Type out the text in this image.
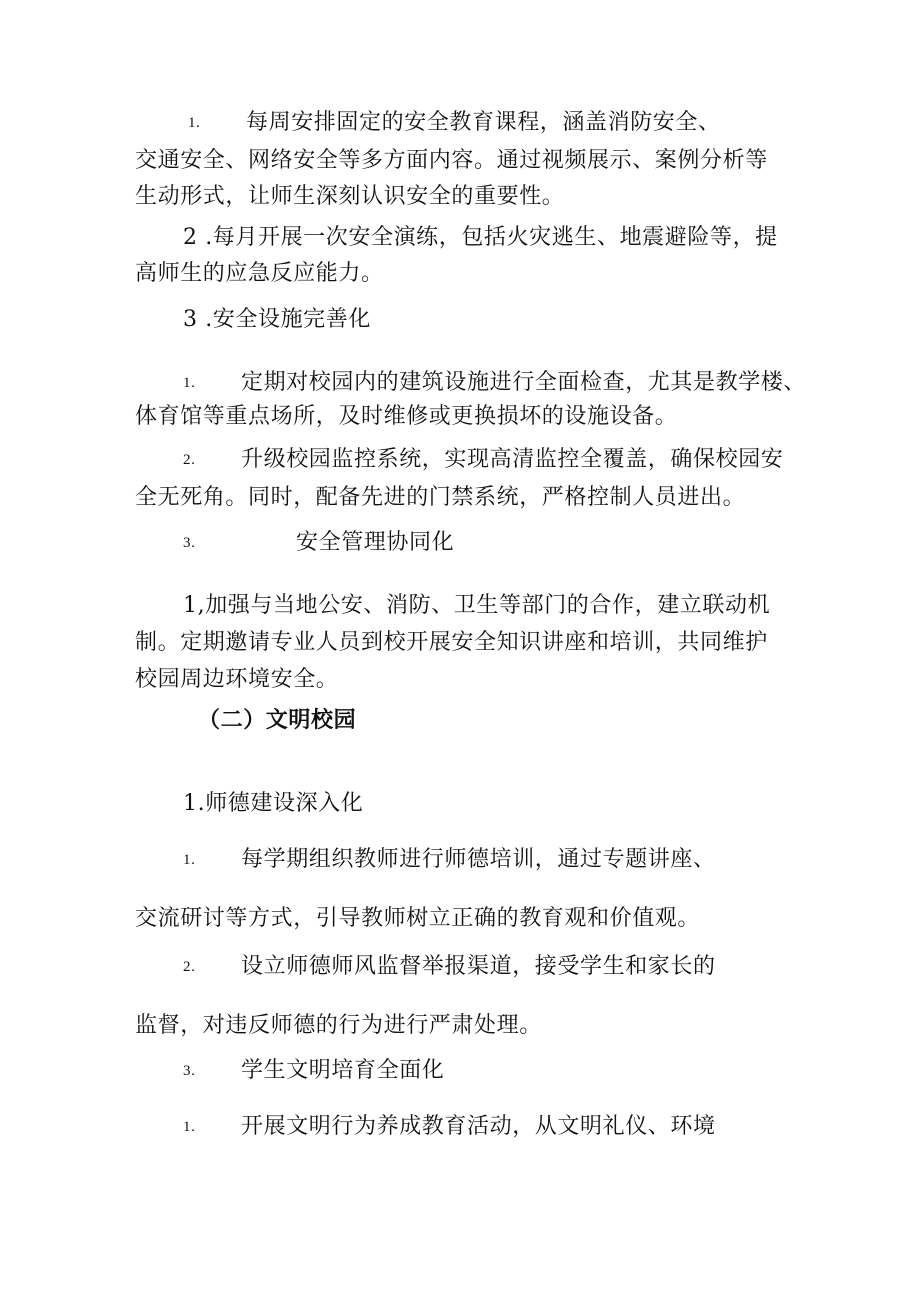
1. 每周安排固定的安全教育课程，涵盖消防安全、
交通安全、网络安全等多方面内容。通过视频展示、案例分析等
生动形式，让师生深刻认识安全的重要性。
2 .每月开展一次安全演练，包括火灾逃生、地震避险等，提
高师生的应急反应能力。
3 .安全设施完善化
1. 定期对校园内的建筑设施进行全面检查，尤其是教学楼、
体育馆等重点场所，及时维修或更换损坏的设施设备。
2. 升级校园监控系统，实现高清监控全覆盖，确保校园安
全无死角。同时，配备先进的门禁系统，严格控制人员进出。
3.	安全管理协同化
1,加强与当地公安、消防、卫生等部门的合作，建立联动机
制。定期邀请专业人员到校开展安全知识讲座和培训，共同维护
校园周边环境安全。
（二）文明校园
1.师德建设深入化
1. 每学期组织教师进行师德培训，通过专题讲座、
交流研讨等方式，引导教师树立正确的教育观和价值观。
2. 设立师德师风监督举报渠道，接受学生和家长的
监督，对违反师德的行为进行严肃处理。
3. 学生文明培育全面化
1. 开展文明行为养成教育活动，从文明礼仪、环境
